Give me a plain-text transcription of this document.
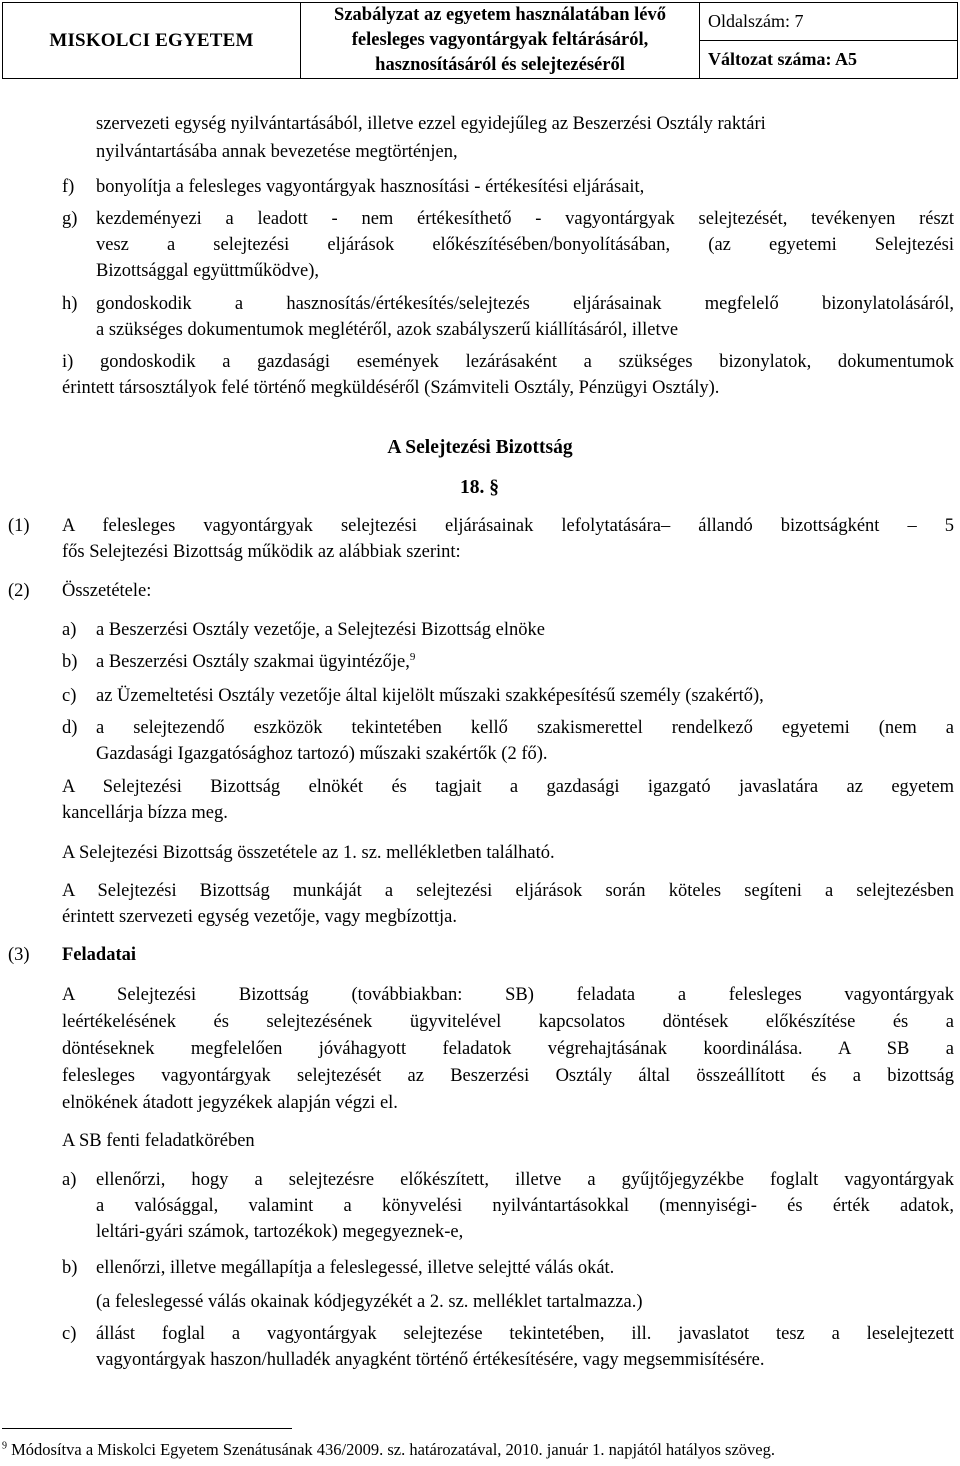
MISKOLCI EGYETEM	
Szabályzat az egyetem használatában lévő
felesleges vagyontárgyak feltárásáról,
hasznosításáról és selejtezéséről

Oldalszám: 7

Változat száma: A5
szervezeti egység nyilvántartásából, illetve ezzel egyidejűleg az Beszerzési Osztály raktári
nyilvántartásába annak bevezetése megtörténjen,
f) bonyolítja a felesleges vagyontárgyak hasznosítási - értékesítési eljárásait,
g) kezdeményezi a leadott - nem értékesíthető - vagyontárgyak selejtezését, tevékenyen részt
vesz a selejtezési eljárások előkészítésében/bonyolításában, (az egyetemi Selejtezési
Bizottsággal együttműködve),
h) gondoskodik a hasznosítás/értékesítés/selejtezés eljárásainak megfelelő bizonylatolásáról,
a szükséges dokumentumok meglétéről, azok szabályszerű kiállításáról, illetve
i) gondoskodik a gazdasági események lezárásaként a szükséges bizonylatok, dokumentumok
érintett társosztályok felé történő megküldéséről (Számviteli Osztály, Pénzügyi Osztály).
A Selejtezési Bizottság
18. §
(1) A felesleges vagyontárgyak selejtezési eljárásainak lefolytatására– állandó bizottságként – 5
fős Selejtezési Bizottság működik az alábbiak szerint:
(2) Összetétele:
a) a Beszerzési Osztály vezetője, a Selejtezési Bizottság elnöke
b) a Beszerzési Osztály szakmai ügyintézője,$^9$
c) az Üzemeltetési Osztály vezetője által kijelölt műszaki szakképesítésű személy (szakértő),
d) a selejtezendő eszközök tekintetében kellő szakismerettel rendelkező egyetemi (nem a
Gazdasági Igazgatósághoz tartozó) műszaki szakértők (2 fő).
A Selejtezési Bizottság elnökét és tagjait a gazdasági igazgató javaslatára az egyetem
kancellárja bízza meg.
A Selejtezési Bizottság összetétele az 1. sz. mellékletben található.
A Selejtezési Bizottság munkáját a selejtezési eljárások során köteles segíteni a selejtezésben
érintett szervezeti egység vezetője, vagy megbízottja.
(3) Feladatai
A Selejtezési Bizottság (továbbiakban: SB) feladata a felesleges vagyontárgyak
leértékelésének és selejtezésének ügyvitelével kapcsolatos döntések előkészítése és a
döntéseknek megfelelően jóváhagyott feladatok végrehajtásának koordinálása. A SB a
felesleges vagyontárgyak selejtezését az Beszerzési Osztály által összeállított és a bizottság
elnökének átadott jegyzékek alapján végzi el.
A SB fenti feladatkörében
a) ellenőrzi, hogy a selejtezésre előkészített, illetve a gyűjtőjegyzékbe foglalt vagyontárgyak
a valósággal, valamint a könyvelési nyilvántartásokkal (mennyiségi- és érték adatok,
leltári-gyári számok, tartozékok) megegyeznek-e,
b) ellenőrzi, illetve megállapítja a feleslegessé, illetve selejtté válás okát.
(a feleslegessé válás okainak kódjegyzékét a 2. sz. melléklet tartalmazza.)
c) állást foglal a vagyontárgyak selejtezése tekintetében, ill. javaslatot tesz a leselejtezett
vagyontárgyak haszon/hulladék anyagként történő értékesítésére, vagy megsemmisítésére.
$^9$ Módosítva a Miskolci Egyetem Szenátusának 436/2009. sz. határozatával, 2010. január 1. napjától hatályos szöveg.
